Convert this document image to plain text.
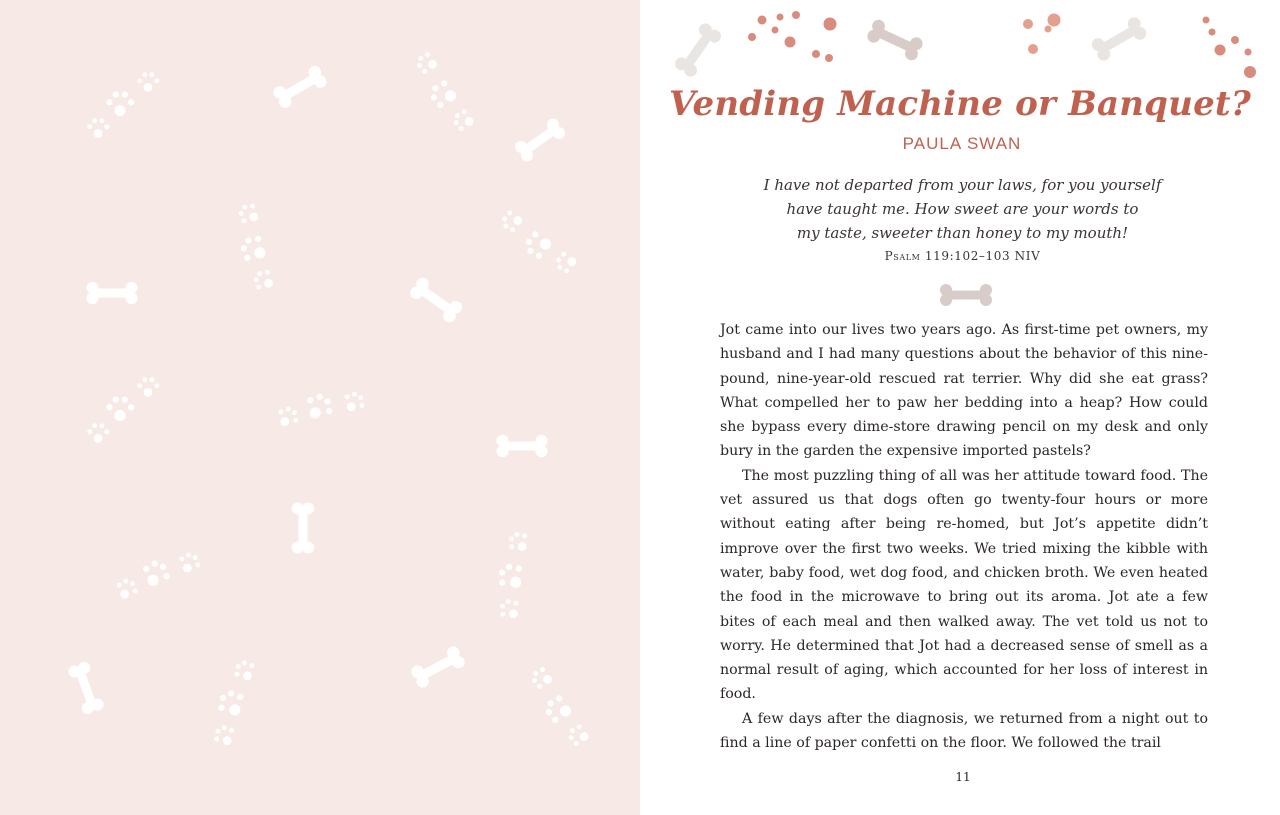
Vending Machine or Banquet?
PAULA SWAN

I have not departed from your laws, for you yourself

have taught me. How sweet are your words to

my taste, sweeter than honey to my mouth!

Psalm 119:102–103 NIV

Jot came into our lives two years ago. As first-time pet owners, my husband and I had many questions about the behavior of this nine-pound, nine-year-old rescued rat terrier. Why did she eat grass? What compelled her to paw her bedding into a heap? How could she bypass every dime-store drawing pencil on my desk and only bury in the garden the expensive imported pastels?

The most puzzling thing of all was her attitude toward food. The vet assured us that dogs often go twenty-four hours or more without eating after being re-homed, but Jot’s appetite didn’t improve over the first two weeks. We tried mixing the kibble with water, baby food, wet dog food, and chicken broth. We even heated the food in the microwave to bring out its aroma. Jot ate a few bites of each meal and then walked away. The vet told us not to worry. He determined that Jot had a decreased sense of smell as a normal result of aging, which accounted for her loss of interest in food.

A few days after the diagnosis, we returned from a night out to find a line of paper confetti on the floor. We followed the trail

11
